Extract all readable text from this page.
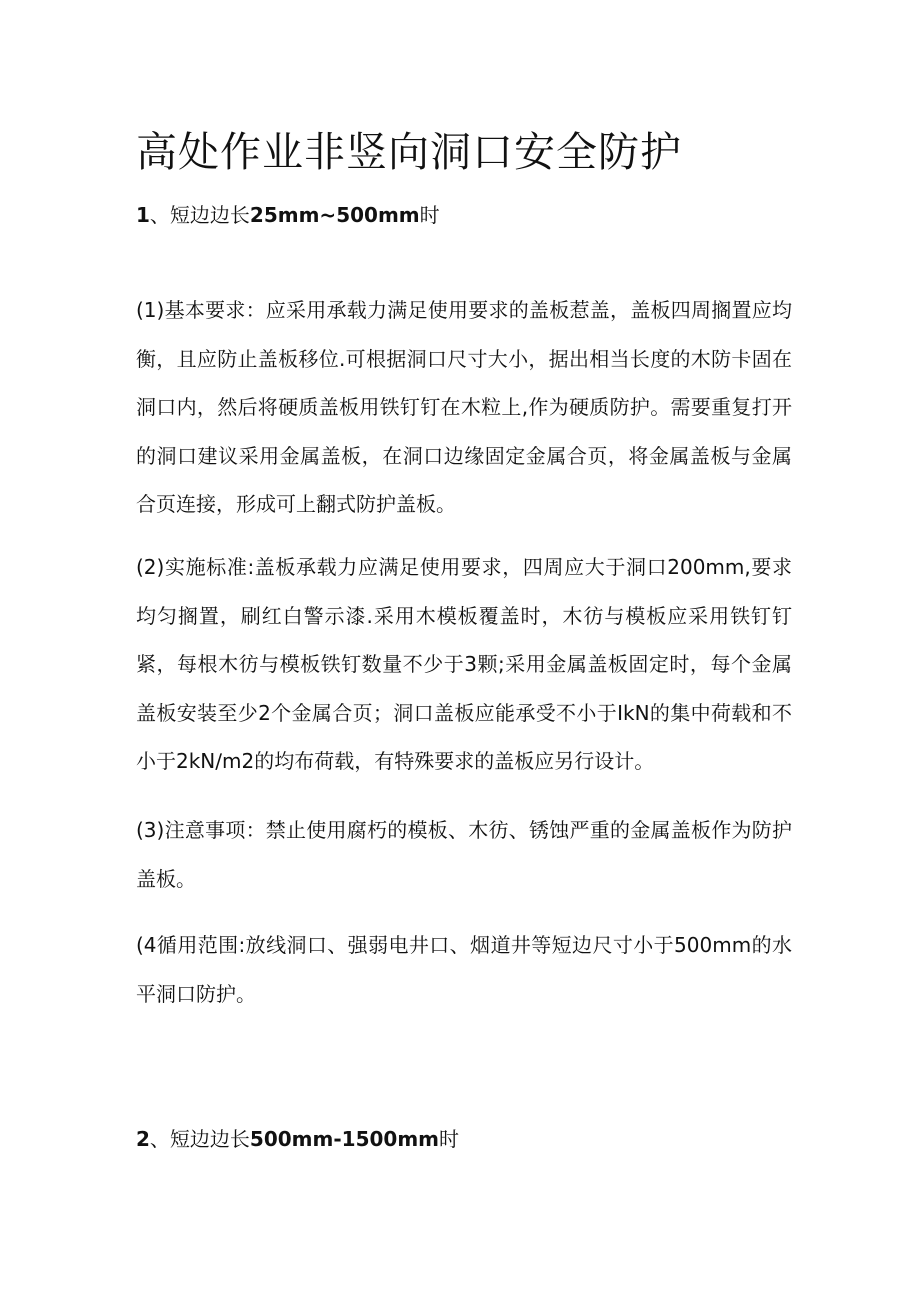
高处作业非竖向洞口安全防护

1、短边边长25mm~500mm时

(1)基本要求：应采用承载力满足使用要求的盖板惹盖，盖板四周搁置应均衡，且应防止盖板移位.可根据洞口尺寸大小，据出相当长度的木防卡固在洞口内，然后将硬质盖板用铁钉钉在木粒上,作为硬质防护。需要重复打开的洞口建议采用金属盖板，在洞口边缘固定金属合页，将金属盖板与金属合页连接，形成可上翻式防护盖板。

(2)实施标准:盖板承载力应满足使用要求，四周应大于洞口200mm,要求均匀搁置，刷红白警示漆.采用木模板覆盖时，木彷与模板应采用铁钉钉紧，每根木彷与模板铁钉数量不少于3颗;采用金属盖板固定时，每个金属盖板安装至少2个金属合页；洞口盖板应能承受不小于IkN的集中荷载和不小于2kN∕m2的均布荷载，有特殊要求的盖板应另行设计。

(3)注意事项：禁止使用腐朽的模板、木彷、锈蚀严重的金属盖板作为防护盖板。

(4循用范围:放线洞口、强弱电井口、烟道井等短边尺寸小于500mm的水平洞口防护。

2、短边边长500mm-1500mm时
